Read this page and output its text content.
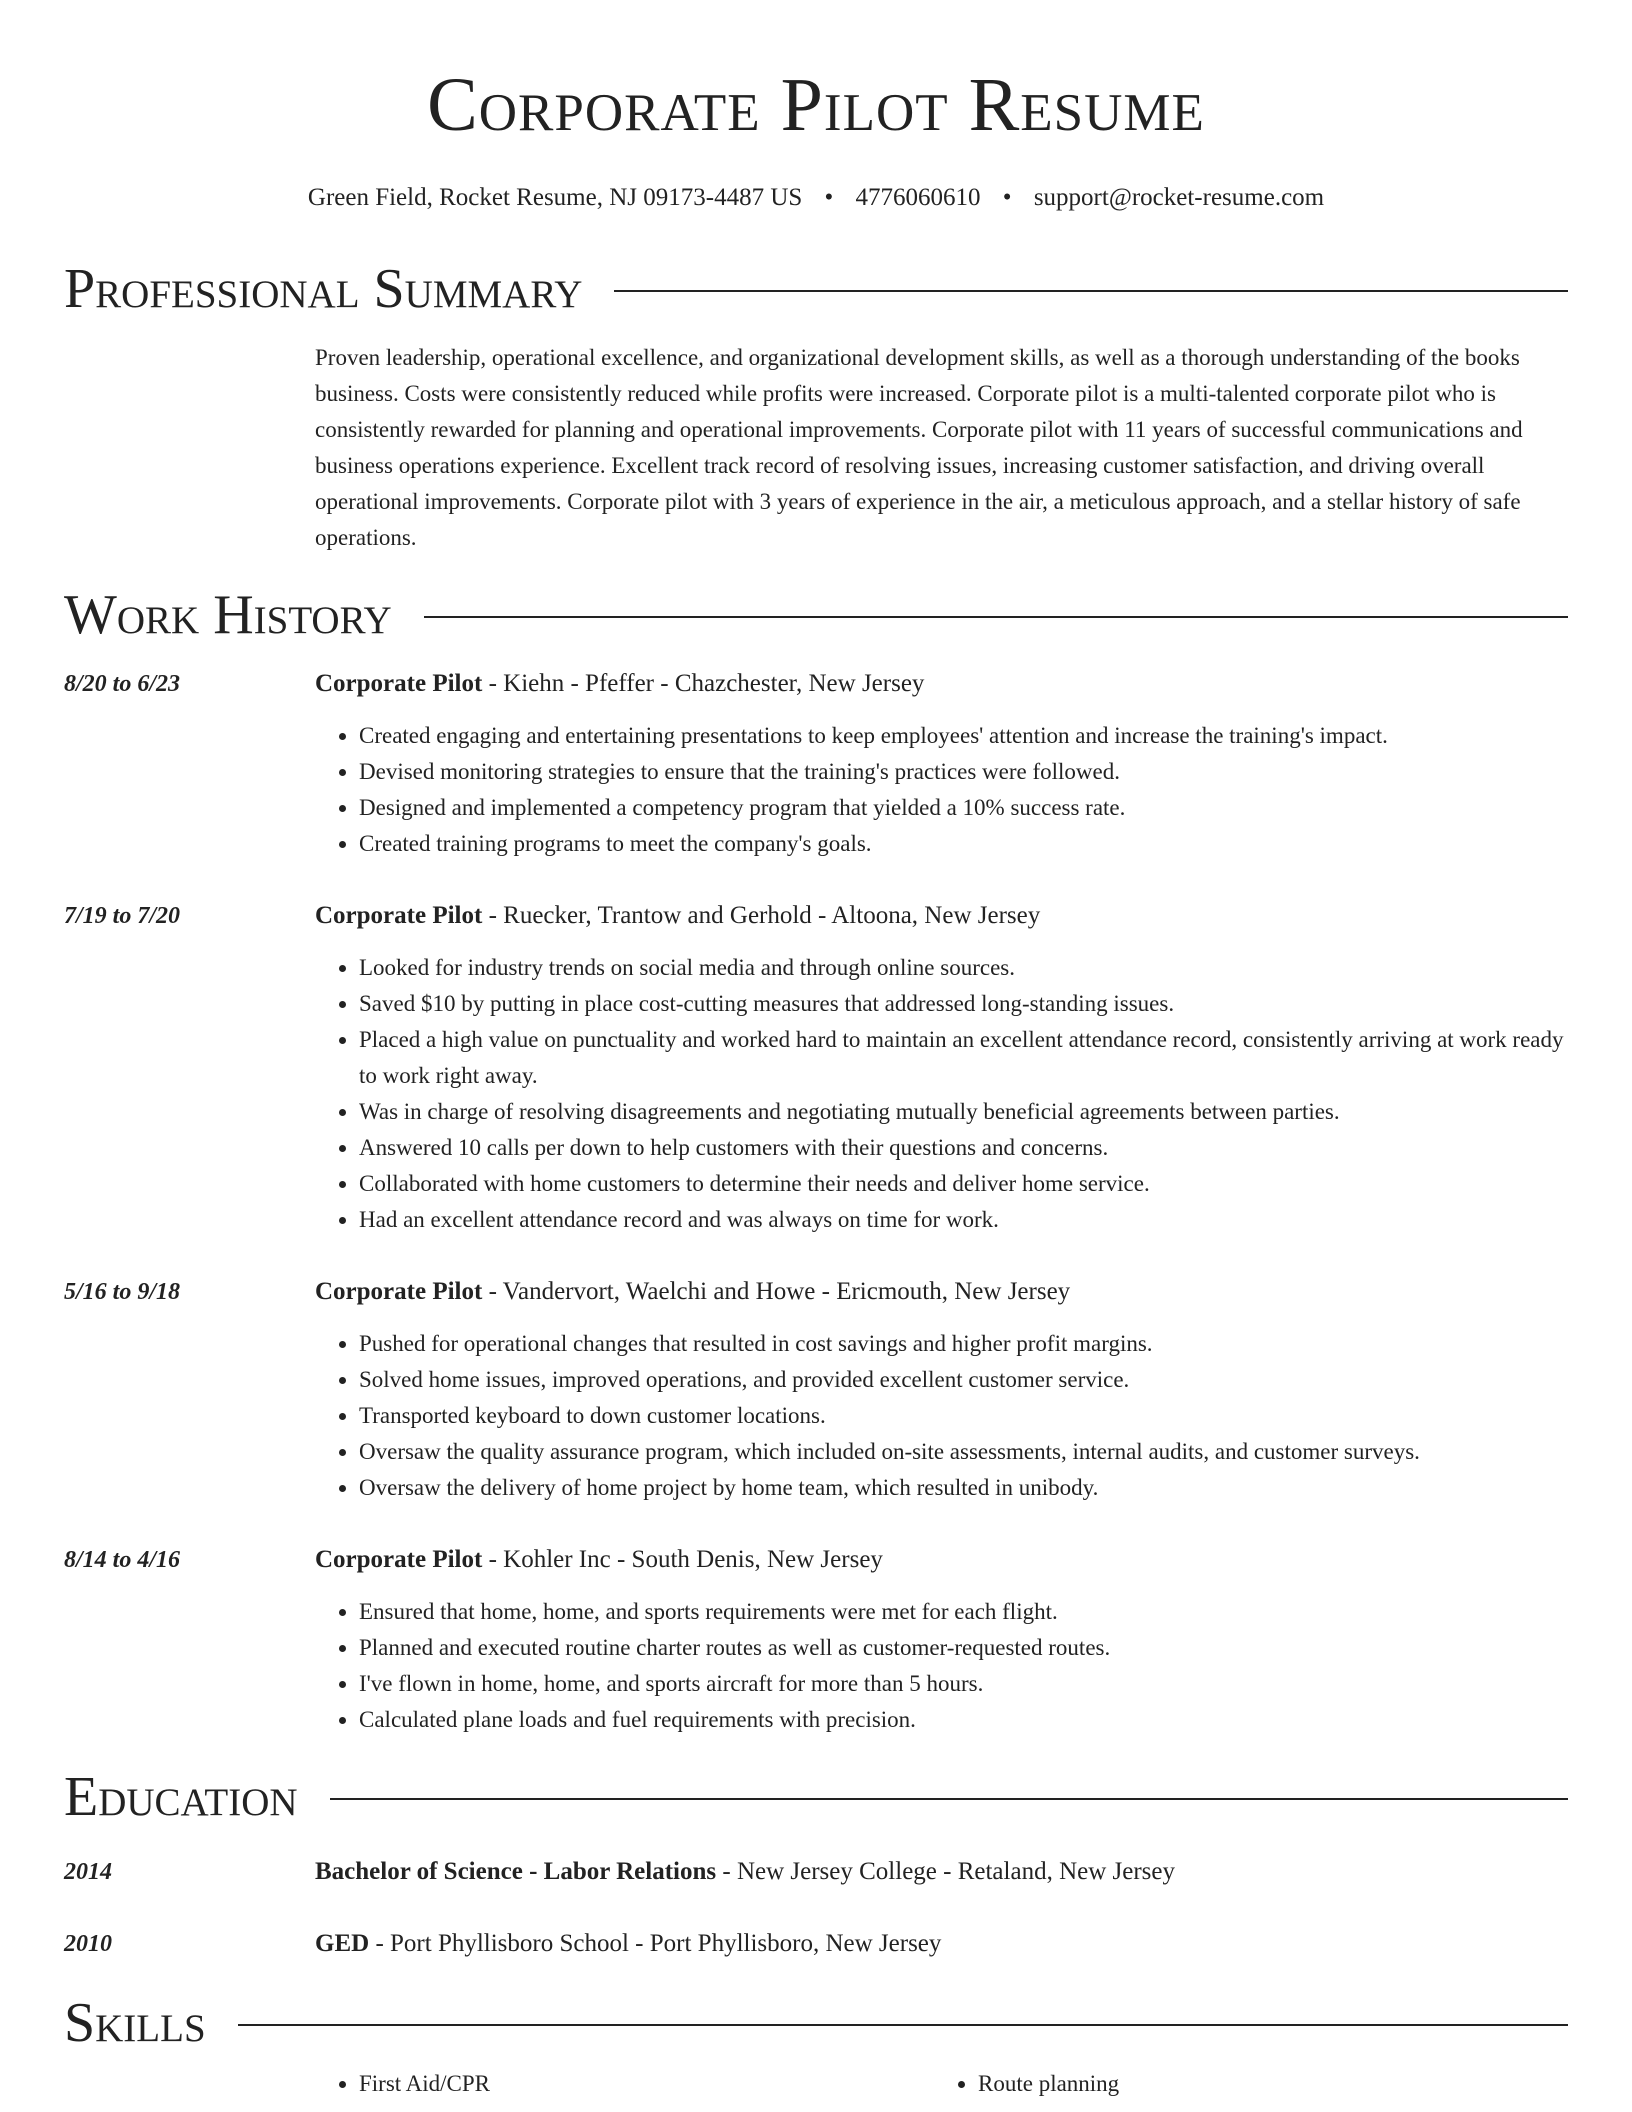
Corporate Pilot Resume
Green Field, Rocket Resume, NJ 09173-4487 US • 4776060610 • support@rocket-resume.com
Professional Summary
Proven leadership, operational excellence, and organizational development skills, as well as a thorough understanding of the books business. Costs were consistently reduced while profits were increased. Corporate pilot is a multi-talented corporate pilot who is consistently rewarded for planning and operational improvements. Corporate pilot with 11 years of successful communications and business operations experience. Excellent track record of resolving issues, increasing customer satisfaction, and driving overall operational improvements. Corporate pilot with 3 years of experience in the air, a meticulous approach, and a stellar history of safe operations.
Work History
8/20 to 6/23	Corporate Pilot - Kiehn - Pfeffer - Chazchester, New Jersey
• Created engaging and entertaining presentations to keep employees' attention and increase the training's impact.
• Devised monitoring strategies to ensure that the training's practices were followed.
• Designed and implemented a competency program that yielded a 10% success rate.
• Created training programs to meet the company's goals.
7/19 to 7/20	Corporate Pilot - Ruecker, Trantow and Gerhold - Altoona, New Jersey
• Looked for industry trends on social media and through online sources.
• Saved $10 by putting in place cost-cutting measures that addressed long-standing issues.
• Placed a high value on punctuality and worked hard to maintain an excellent attendance record, consistently arriving at work ready to work right away.
• Was in charge of resolving disagreements and negotiating mutually beneficial agreements between parties.
• Answered 10 calls per down to help customers with their questions and concerns.
• Collaborated with home customers to determine their needs and deliver home service.
• Had an excellent attendance record and was always on time for work.
5/16 to 9/18	Corporate Pilot - Vandervort, Waelchi and Howe - Ericmouth, New Jersey
• Pushed for operational changes that resulted in cost savings and higher profit margins.
• Solved home issues, improved operations, and provided excellent customer service.
• Transported keyboard to down customer locations.
• Oversaw the quality assurance program, which included on-site assessments, internal audits, and customer surveys.
• Oversaw the delivery of home project by home team, which resulted in unibody.
8/14 to 4/16	Corporate Pilot - Kohler Inc - South Denis, New Jersey
• Ensured that home, home, and sports requirements were met for each flight.
• Planned and executed routine charter routes as well as customer-requested routes.
• I've flown in home, home, and sports aircraft for more than 5 hours.
• Calculated plane loads and fuel requirements with precision.
Education
2014	Bachelor of Science - Labor Relations - New Jersey College - Retaland, New Jersey
2010	GED - Port Phyllisboro School - Port Phyllisboro, New Jersey
Skills
• First Aid/CPR
•	Route planning
